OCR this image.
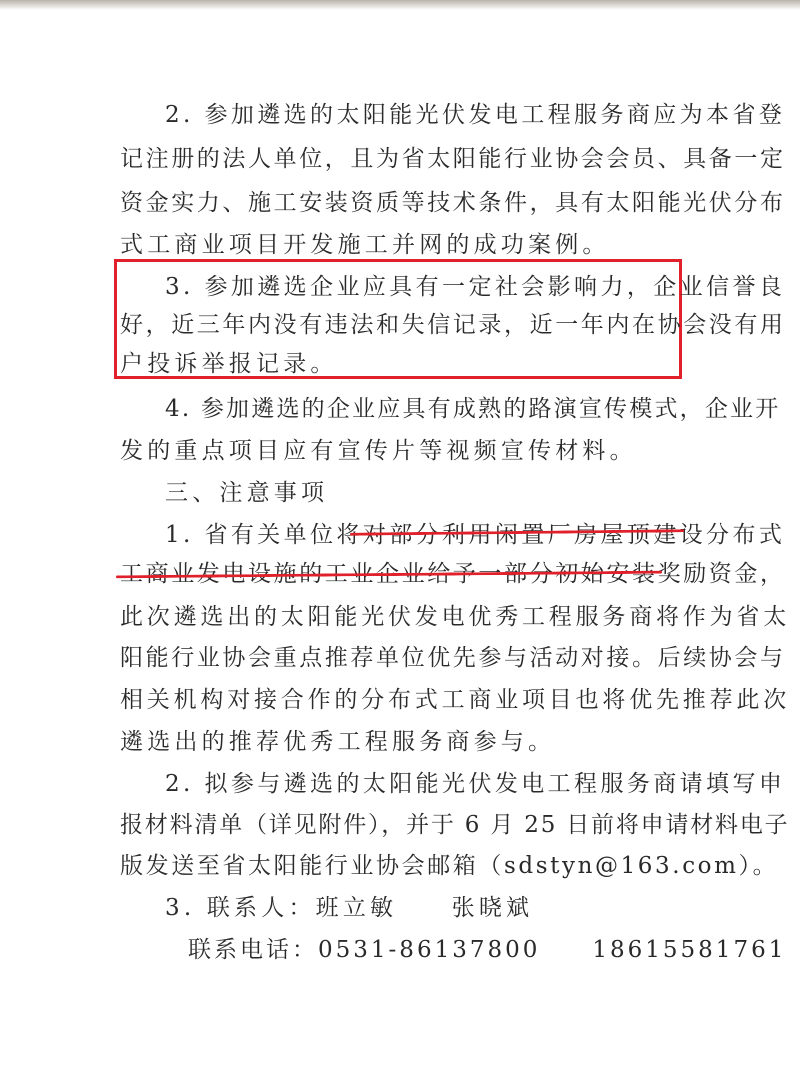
2. 参加遴选的太阳能光伏发电工程服务商应为本省登
记注册的法人单位，且为省太阳能行业协会会员、具备一定
资金实力、施工安装资质等技术条件，具有太阳能光伏分布
式工商业项目开发施工并网的成功案例。
3. 参加遴选企业应具有一定社会影响力，企业信誉良
好，近三年内没有违法和失信记录，近一年内在协会没有用
户投诉举报记录。
4. 参加遴选的企业应具有成熟的路演宣传模式，企业开
发的重点项目应有宣传片等视频宣传材料。
三、注意事项
1. 省有关单位将对部分利用闲置厂房屋顶建设分布式
工商业发电设施的工业企业给予一部分初始安装奖励资金，
此次遴选出的太阳能光伏发电优秀工程服务商将作为省太
阳能行业协会重点推荐单位优先参与活动对接。后续协会与
相关机构对接合作的分布式工商业项目也将优先推荐此次
遴选出的推荐优秀工程服务商参与。
2. 拟参与遴选的太阳能光伏发电工程服务商请填写申
报材料清单（详见附件），并于 6 月 25 日前将申请材料电子
版发送至省太阳能行业协会邮箱（sdstyn@163.com）。
3. 联系人：班立敏　　张晓斌
联系电话：0531-86137800　　18615581761
